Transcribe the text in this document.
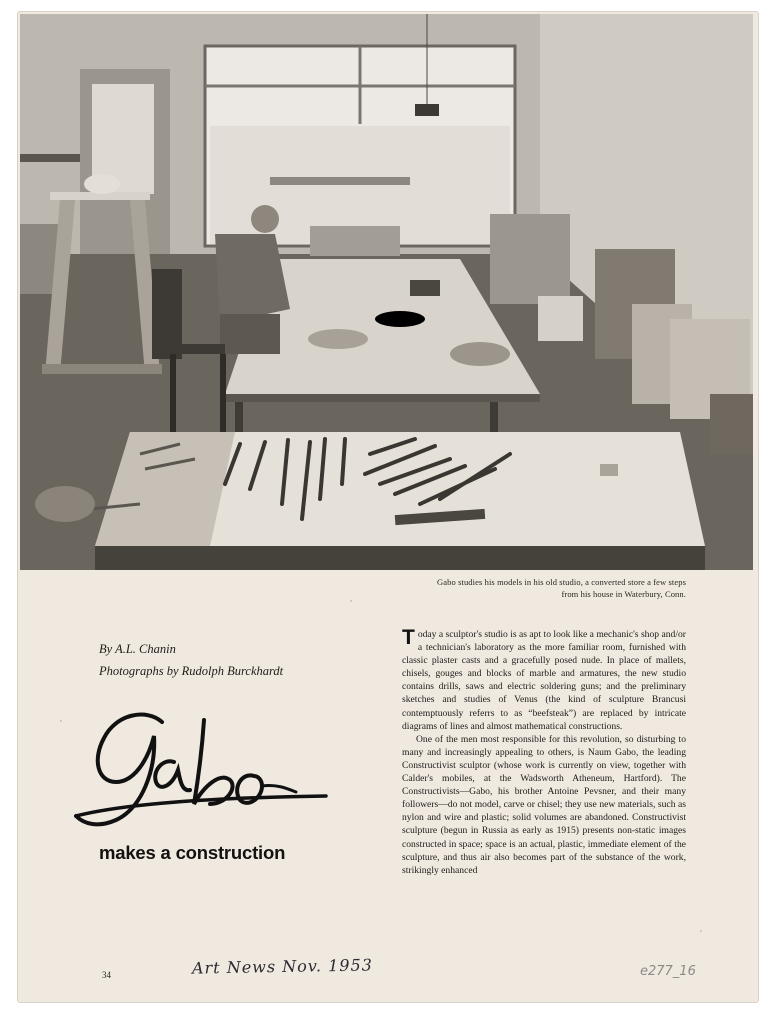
Gabo studies his models in his old studio, a converted store a few steps from his house in Waterbury, Conn.
By A.L. Chanin
Photographs by Rudolph Burckhardt
makes a construction

Today a sculptor's studio is as apt to look like a mechanic's shop and/or a technician's laboratory as the more familiar room, furnished with classic plaster casts and a gracefully posed nude. In place of mallets, chisels, gouges and blocks of marble and armatures, the new studio contains drills, saws and electric soldering guns; and the preliminary sketches and studies of Venus (the kind of sculpture Brancusi contemptuously referrs to as “beefsteak”) are replaced by intricate diagrams of lines and almost mathematical constructions.

One of the men most responsible for this revolution, so disturbing to many and increasingly appealing to others, is Naum Gabo, the leading Constructivist sculptor (whose work is currently on view, together with Calder's mobiles, at the Wadsworth Atheneum, Hartford). The Constructivists—Gabo, his brother Antoine Pevsner, and their many followers—do not model, carve or chisel; they use new materials, such as nylon and wire and plastic; solid volumes are abandoned. Constructivist sculpture (begun in Russia as early as 1915) presents non-static images constructed in space; space is an actual, plastic, immediate element of the sculpture, and thus air also becomes part of the substance of the work, strikingly enhanced

34	Art News Nov. 1953	e277_16
